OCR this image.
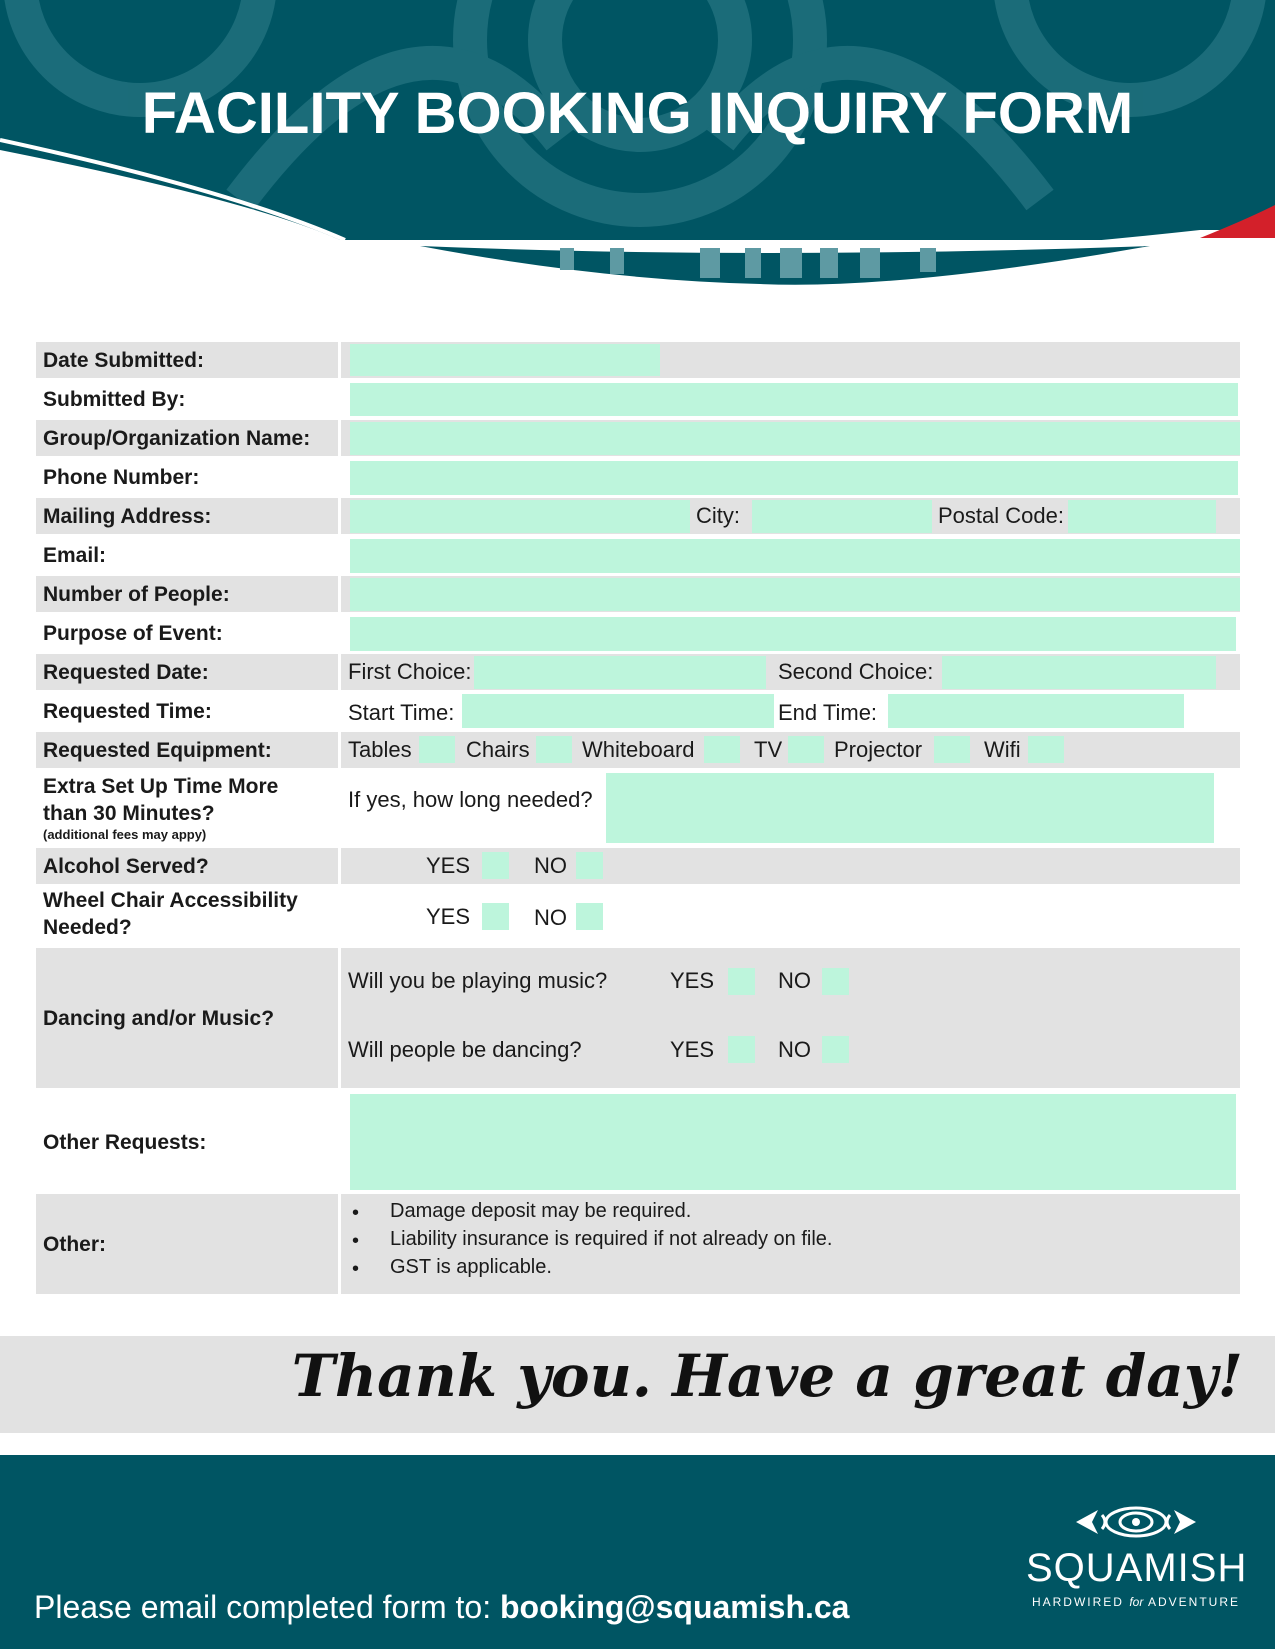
FACILITY BOOKING INQUIRY FORM
Date Submitted:
Submitted By:
Group/Organization Name:
Phone Number:
Mailing Address:	City:	Postal Code:
Email:
Number of People:
Purpose of Event:
Requested Date:	First Choice:	Second Choice:
Requested Time:	Start Time:	End Time:
Requested Equipment:	Tables Chairs Whiteboard	TV Projector	Wifi
Extra Set Up Time More
than 30 Minutes?
(additional fees may appy)
If yes, how long needed?
Alcohol Served?	YES	NO
Wheel Chair Accessibility
Needed?	YES	NO
Dancing and/or Music?
Will you be playing music?	YES	NO
Will people be dancing?	YES	NO
Other Requests:
Other:
• Damage deposit may be required.
• Liability insurance is required if not already on file.
• GST is applicable.
Thank you. Have a great day!
Please email completed form to: booking@squamish.ca
SQUAMISH
HARDWIRED for ADVENTURE
